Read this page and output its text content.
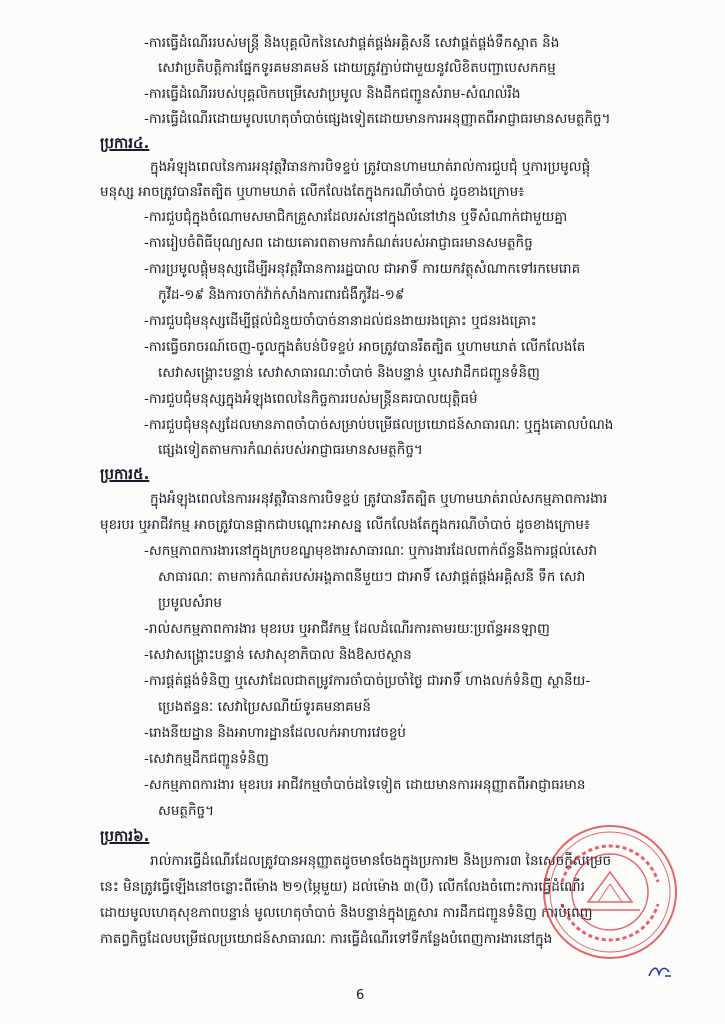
-ការធ្វើដំណើររបស់មន្ត្រី និងបុគ្គលិកនៃសេវាផ្គត់ផ្គង់អគ្គិសនី សេវាផ្គត់ផ្គង់ទឹកស្អាត និង
សេវាប្រតិបត្តិការផ្នែកទូរគមនាគមន៍ ដោយត្រូវភ្ជាប់ជាមួយនូវលិខិតបញ្ជាបេសកកម្ម
-ការធ្វើដំណើររបស់បុគ្គលិកបម្រើសេវាប្រមូល និងដឹកជញ្ជូនសំរាម-សំណល់រឹង
-ការធ្វើដំណើរដោយមូលហេតុចាំបាច់ផ្សេងទៀតដោយមានការអនុញ្ញាតពីអាជ្ញាធរមានសមត្ថកិច្ច។
ប្រការ៤.
ក្នុងអំឡុងពេលនៃការអនុវត្តវិធានការបិទខ្ទប់ ត្រូវបានហាមឃាត់រាល់ការជួបជុំ ឬការប្រមូលផ្ដុំ
មនុស្ស អាចត្រូវបានរឹតត្បិត ឬហាមឃាត់ លើកលែងតែក្នុងករណីចាំបាច់ ដូចខាងក្រោម៖
-ការជួបជុំក្នុងចំណោមសមាជិកគ្រួសារដែលរស់នៅក្នុងលំនៅឋាន ឬទីសំណាក់ជាមួយគ្នា
-ការរៀបចំពិធីបុណ្យសព ដោយគោរពតាមការកំណត់របស់អាជ្ញាធរមានសមត្ថកិច្ច
-ការប្រមូលផ្ដុំមនុស្សដើម្បីអនុវត្តវិធានការរដ្ឋបាល ជាអាទិ៍ ការយកវត្ថុសំណាកទៅរកមេរោគ
កូវីដ-១៩ និងការចាក់វ៉ាក់សាំងការពារជំងឺកូវីដ-១៩
-ការជួបជុំមនុស្សដើម្បីផ្ដល់ជំនួយចាំបាច់នានាដល់ជនងាយរងគ្រោះ ឬជនរងគ្រោះ
-ការធ្វើចរាចរណ៍ចេញ-ចូលក្នុងតំបន់បិទខ្ទប់ អាចត្រូវបានរឹតត្បិត ឬហាមឃាត់ លើកលែងតែ
សេវាសង្គ្រោះបន្ទាន់ សេវាសាធារណៈចាំបាច់ និងបន្ទាន់ ឬសេវាដឹកជញ្ជូនទំនិញ
-ការជួបជុំមនុស្សក្នុងអំឡុងពេលនៃកិច្ចការរបស់មន្ត្រីនគរបាលយុត្តិធម៌
-ការជួបជុំមនុស្សដែលមានភាពចាំបាច់សម្រាប់បម្រើផលប្រយោជន៍សាធារណៈ ឬក្នុងគោលបំណង
ផ្សេងទៀតតាមការកំណត់របស់អាជ្ញាធរមានសមត្ថកិច្ច។
ប្រការ៥.
ក្នុងអំឡុងពេលនៃការអនុវត្តវិធានការបិទខ្ទប់ ត្រូវបានរឹតត្បិត ឬហាមឃាត់រាល់សកម្មភាពការងារ
មុខរបរ ឬអាជីវកម្ម អាចត្រូវបានផ្អាកជាបណ្ដោះអាសន្ន លើកលែងតែក្នុងករណីចាំបាច់ ដូចខាងក្រោម៖
-សកម្មភាពការងារនៅក្នុងក្របខណ្ឌមុខងារសាធារណៈ ឬការងារដែលពាក់ព័ន្ធនឹងការផ្ដល់សេវា
សាធារណៈ តាមការកំណត់របស់អង្គភាពនីមួយៗ ជាអាទិ៍ សេវាផ្គត់ផ្គង់អគ្គិសនី ទឹក សេវា
ប្រមូលសំរាម
-រាល់សកម្មភាពការងារ មុខរបរ ឬអាជីវកម្ម ដែលដំណើរការតាមរយៈប្រព័ន្ធអនឡាញ
-សេវាសង្គ្រោះបន្ទាន់ សេវាសុខាភិបាល និងឱសថស្ថាន
-ការផ្គត់ផ្គង់ទំនិញ ឬសេវាដែលជាតម្រូវការចាំបាច់ប្រចាំថ្ងៃ ជាអាទិ៍ ហាងលក់ទំនិញ ស្ថានីយ-
ប្រេងឥន្ធនៈ សេវាប្រៃសណីយ៍ទូរគមនាគមន៍
-រោងនីយដ្ឋាន និងអាហារដ្ឋានដែលលក់អាហារវេចខ្ចប់
-សេវាកម្មដឹកជញ្ជូនទំនិញ
-សកម្មភាពការងារ មុខរបរ អាជីវកម្មចាំបាច់ដទៃទៀត ដោយមានការអនុញ្ញាតពីអាជ្ញាធរមាន
សមត្ថកិច្ច។
ប្រការ៦.
រាល់ការធ្វើដំណើរដែលត្រូវបានអនុញ្ញាតដូចមានចែងក្នុងប្រការ២ និងប្រការ៣ នៃសេចក្ដីសម្រេច
នេះ មិនត្រូវធ្វើឡើងនៅចន្លោះពីម៉ោង ២១(ម្ភៃមួយ) ដល់ម៉ោង ៣(បី) លើកលែងចំពោះការធ្វើដំណើរ
ដោយមូលហេតុសុខភាពបន្ទាន់ មូលហេតុចាំបាច់ និងបន្ទាន់ក្នុងគ្រួសារ ការដឹកជញ្ជូនទំនិញ ការបំពេញ
កាតព្វកិច្ចដែលបម្រើផលប្រយោជន៍សាធារណៈ ការធ្វើដំណើរទៅទីកន្លែងបំពេញការងារនៅក្នុង
6
